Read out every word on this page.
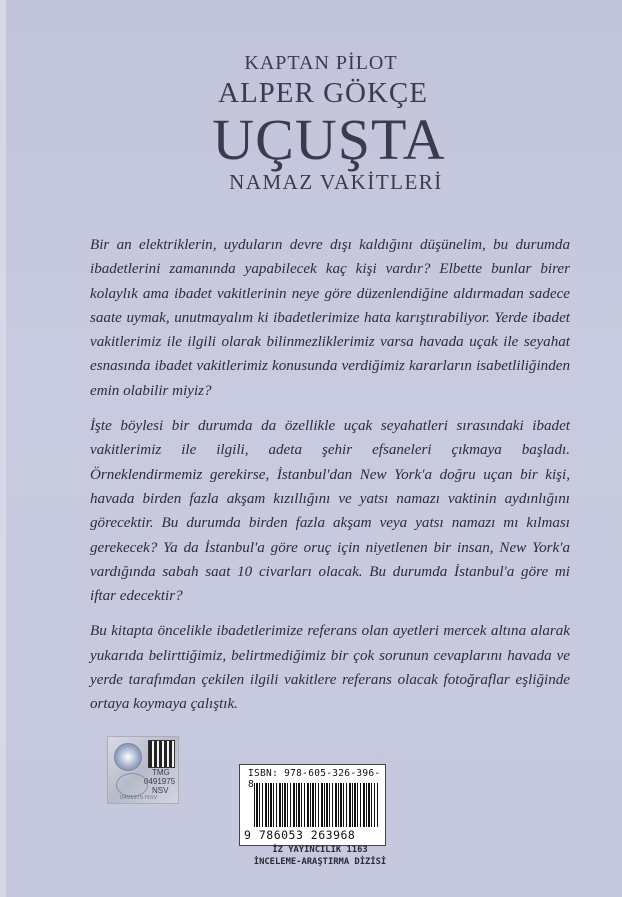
KAPTAN PİLOT
ALPER GÖKÇE
UÇUŞTA
NAMAZ VAKİTLERİ

Bir an elektriklerin, uyduların devre dışı kaldığını düşünelim, bu durumda ibadetlerini zamanında yapabilecek kaç kişi vardır? Elbette bunlar birer kolaylık ama ibadet vakitlerinin neye göre düzenlendiğine aldırmadan sadece saate uymak, unutmayalım ki ibadetlerimize hata karıştırabiliyor. Yerde ibadet vakitlerimiz ile ilgili olarak bilinmezliklerimiz varsa havada uçak ile seyahat esnasında ibadet vakitlerimiz konusunda verdiğimiz kararların isabetliliğinden emin olabilir miyiz?

İşte böylesi bir durumda da özellikle uçak seyahatleri sırasındaki ibadet vakitlerimiz ile ilgili, adeta şehir efsaneleri çıkmaya başladı. Örneklendirmemiz gerekirse, İstanbul'dan New York'a doğru uçan bir kişi, havada birden fazla akşam kızıllığını ve yatsı namazı vaktinin aydınlığını görecektir. Bu durumda birden fazla akşam veya yatsı namazı mı kılması gerekecek? Ya da İstanbul'a göre oruç için niyetlenen bir insan, New York'a vardığında sabah saat 10 civarları olacak. Bu durumda İstanbul'a göre mi iftar edecektir?

Bu kitapta öncelikle ibadetlerimize referans olan ayetleri mercek altına alarak yukarıda belirttiğimiz, belirtmediğimiz bir çok sorunun cevaplarını havada ve yerde tarafımdan çekilen ilgili vakitlere referans olacak fotoğraflar eşliğinde ortaya koymaya çalıştık.

TMG
0491975
NSV
0491975 NSV
ISBN: 978-605-326-396-8
9 786053 263968
İZ YAYINCILIK 1163
İNCELEME-ARAŞTIRMA DİZİSİ
